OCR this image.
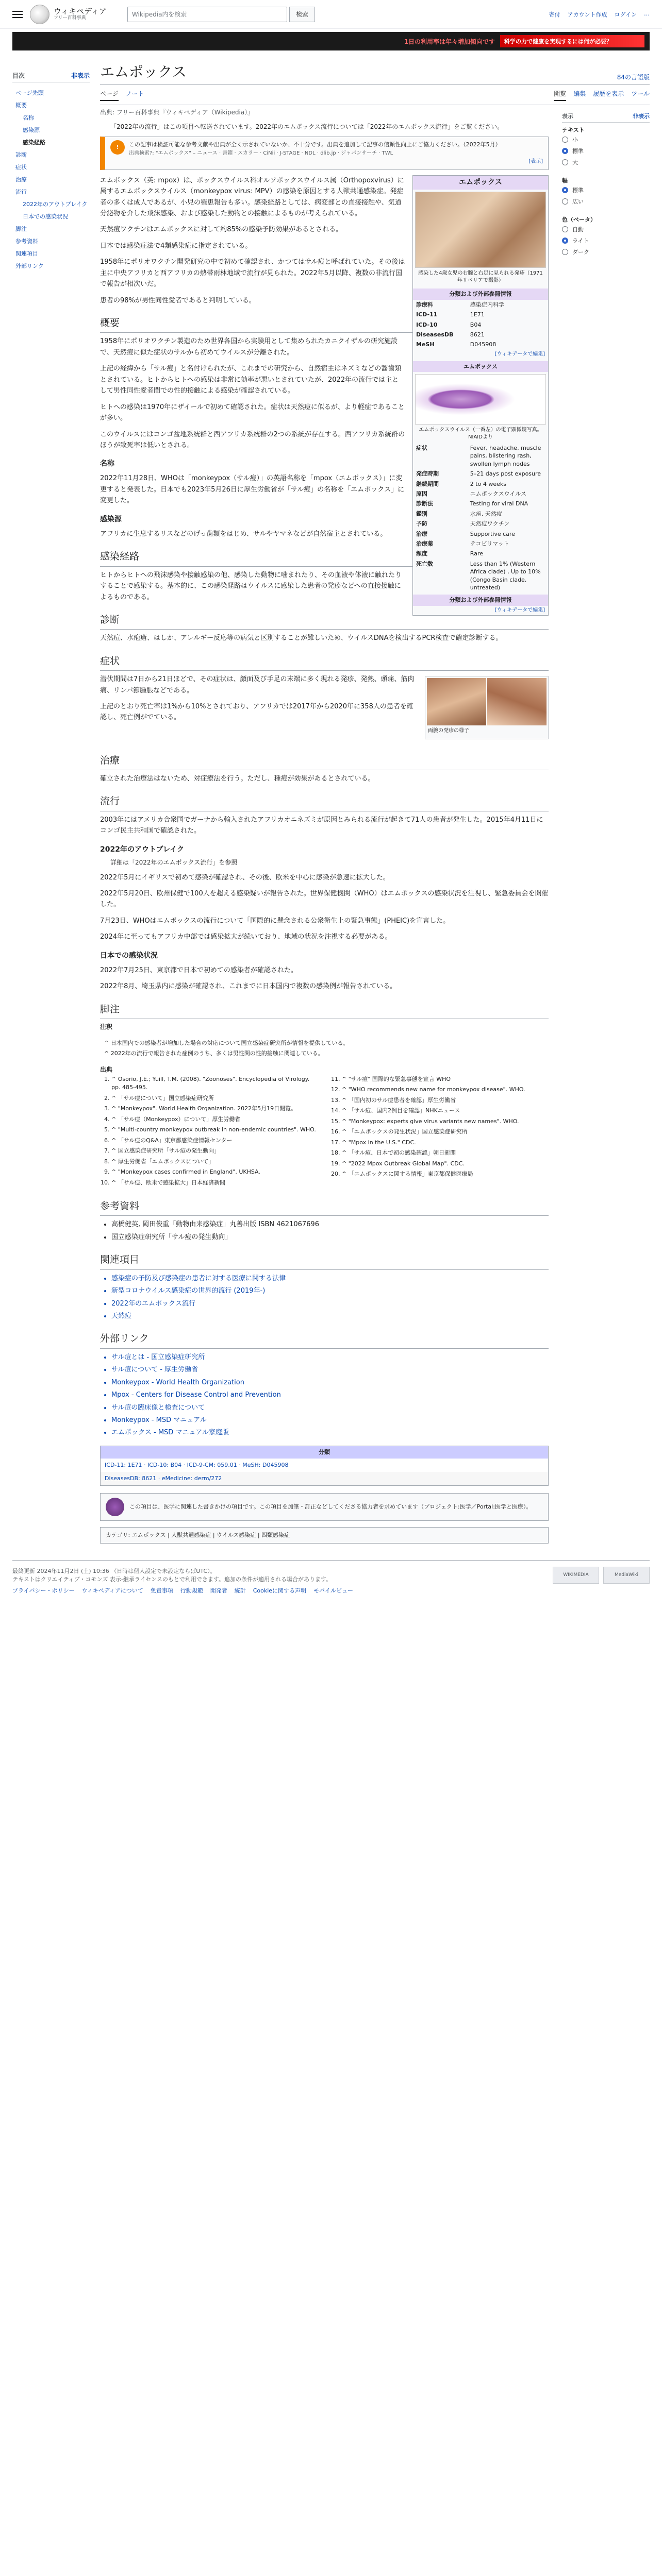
ウィキペディア
フリー百科事典	Wikipedia内を検索	検索	寄付 アカウント作成 ログイン …
1日の利用率は年々増加傾向です	科学の力で健康を実現するには何が必要？
目次	非表示
ページ先頭
概要
名称
感染源
感染経路
診断
症状
治療
流行
2022年のアウトブレイク
日本での感染状況
脚注
参考資料
関連項目
外部リンク
エムポックス	84の言語版
ページ ノート	閲覧 編集 履歴を表示 ツール
出典: フリー百科事典『ウィキペディア（Wikipedia）』
「2022年の流行」はこの項目へ転送されています。2022年のエムポックス流行については「2022年のエムポックス流行」をご覧ください。
!	この記事は検証可能な参考文献や出典が全く示されていないか、不十分です。出典を追加して記事の信頼性向上にご協力ください。（2022年5月）
出典検索?: "エムポックス" – ニュース · 書籍 · スカラー · CiNii · J-STAGE · NDL · dlib.jp · ジャパンサーチ · TWL
[表示]
エムポックス
感染した4歳女児の右腕と右足に見られる発疹（1971年リベリアで撮影）
分類および外部参照情報
診療科	感染症内科学
ICD-11	1E71
ICD-10	B04
DiseasesDB	8621
MeSH	D045908
[ウィキデータで編集]
エムポックス
エムポックスウイルス（一番左）の電子顕微鏡写真。NIAIDより
症状	Fever, headache, muscle pains, blistering rash, swollen lymph nodes
発症時期	5–21 days post exposure
継続期間	2 to 4 weeks
原因	エムポックスウイルス
診断法	Testing for viral DNA
鑑別	水疱, 天然痘
予防	天然痘ワクチン
治療	Supportive care
治療薬	テコビリマット
頻度	Rare
死亡数	Less than 1% (Western Africa clade) , Up to 10% (Congo Basin clade, untreated)
分類および外部参照情報
[ウィキデータで編集]

エムポックス（英: mpox）は、ポックスウイルス科オルソポックスウイルス属（Orthopoxvirus）に属するエムポックスウイルス（monkeypox virus: MPV）の感染を原因とする人獣共通感染症。発症者の多くは成人であるが、小児の罹患報告も多い。感染経路としては、病変部との直接接触や、気道分泌物を介した飛沫感染、および感染した動物との接触によるものが考えられている。

天然痘ワクチンはエムポックスに対して約85%の感染予防効果があるとされる。

日本では感染症法で4類感染症に指定されている。

1958年にポリオワクチン開発研究の中で初めて確認され、かつてはサル痘と呼ばれていた。その後は主に中央アフリカと西アフリカの熱帯雨林地域で流行が見られた。2022年5月以降、複数の非流行国で報告が相次いだ。

患者の98%が男性同性愛者であると判明している。

概要

1958年にポリオワクチン製造のため世界各国から実験用として集められたカニクイザルの研究施設で、天然痘に似た症状のサルから初めてウイルスが分離された。

上記の経緯から「サル痘」と名付けられたが、これまでの研究から、自然宿主はネズミなどの齧歯類とされている。ヒトからヒトへの感染は非常に効率が悪いとされていたが、2022年の流行では主として男性同性愛者間での性的接触による感染が確認されている。

ヒトへの感染は1970年にザイールで初めて確認された。症状は天然痘に似るが、より軽症であることが多い。

このウイルスにはコンゴ盆地系統群と西アフリカ系統群の2つの系統が存在する。西アフリカ系統群のほうが致死率は低いとされる。

名称

2022年11月28日、WHOは「monkeypox（サル痘）」の英語名称を「mpox（エムポックス）」に変更すると発表した。日本でも2023年5月26日に厚生労働省が「サル痘」の名称を「エムポックス」に変更した。

感染源

アフリカに生息するリスなどのげっ歯類をはじめ、サルやヤマネなどが自然宿主とされている。

感染経路

ヒトからヒトへの飛沫感染や接触感染の他、感染した動物に噛まれたり、その血液や体液に触れたりすることで感染する。基本的に、この感染経路はウイルスに感染した患者の発疹などへの直接接触によるものである。

診断

天然痘、水疱瘡、はしか、アレルギー反応等の病気と区別することが難しいため、ウイルスDNAを検出するPCR検査で確定診断する。

症状
両腕の発疹の様子

潜伏期間は7日から21日ほどで、その症状は、顔面及び手足の末端に多く現れる発疹、発熱、頭痛、筋肉痛、リンパ節腫脹などである。

上記のとおり死亡率は1%から10%とされており、アフリカでは2017年から2020年に358人の患者を確認し、死亡例がでている。

治療

確立された治療法はないため、対症療法を行う。ただし、種痘が効果があるとされている。

流行

2003年にはアメリカ合衆国でガーナから輸入されたアフリカオニネズミが原因とみられる流行が起きて71人の患者が発生した。2015年4月11日にコンゴ民主共和国で確認された。

2022年のアウトブレイク
詳細は「2022年のエムポックス流行」を参照

2022年5月にイギリスで初めて感染が確認され、その後、欧米を中心に感染が急速に拡大した。

2022年5月20日、欧州保健で100人を超える感染疑いが報告された。世界保健機関（WHO）はエムポックスの感染状況を注視し、緊急委員会を開催した。

7月23日、WHOはエムポックスの流行について「国際的に懸念される公衆衛生上の緊急事態」(PHEIC)を宣言した。

2024年に至ってもアフリカ中部では感染拡大が続いており、地域の状況を注視する必要がある。

日本での感染状況

2022年7月25日、東京都で日本で初めての感染者が確認された。

2022年8月、埼玉県内に感染が確認され、これまでに日本国内で複数の感染例が報告されている。

脚注
注釈
^ 日本国内での感染者が増加した場合の対応について国立感染症研究所が情報を提供している。
^ 2022年の流行で報告された症例のうち、多くは男性間の性的接触に関連している。
出典
1. ^ Osorio, J.E.; Yuill, T.M. (2008). "Zoonoses". Encyclopedia of Virology. pp. 485-495.
2. ^ 「サル痘について」国立感染症研究所
3. ^ "Monkeypox". World Health Organization. 2022年5月19日閲覧。
4. ^ 「サル痘（Monkeypox）について」厚生労働省
5. ^ "Multi-country monkeypox outbreak in non-endemic countries". WHO.
6. ^ 「サル痘のQ&A」東京都感染症情報センター
7. ^ 国立感染症研究所「サル痘の発生動向」
8. ^ 厚生労働省「エムポックスについて」
9. ^ "Monkeypox cases confirmed in England". UKHSA.
10. ^ 「サル痘、欧米で感染拡大」日本経済新聞
11. ^ "サル痘" 国際的な緊急事態を宣言 WHO
12. ^ "WHO recommends new name for monkeypox disease". WHO.
13. ^ 「国内初のサル痘患者を確認」厚生労働省
14. ^ 「サル痘、国内2例目を確認」NHKニュース
15. ^ "Monkeypox: experts give virus variants new names". WHO.
16. ^ 「エムポックスの発生状況」国立感染症研究所
17. ^ "Mpox in the U.S." CDC.
18. ^ 「サル痘、日本で初の感染確認」朝日新聞
19. ^ "2022 Mpox Outbreak Global Map". CDC.
20. ^ 「エムポックスに関する情報」東京都保健医療局
参考資料
• 高橋健英, 岡田俊重「動物由来感染症」丸善出版 ISBN 4621067696
• 国立感染症研究所「サル痘の発生動向」
関連項目
• 感染症の予防及び感染症の患者に対する医療に関する法律
• 新型コロナウイルス感染症の世界的流行 (2019年-)
• 2022年のエムポックス流行
• 天然痘
外部リンク
• サル痘とは - 国立感染症研究所
• サル痘について - 厚生労働省
• Monkeypox - World Health Organization
• Mpox - Centers for Disease Control and Prevention
• サル痘の臨床像と検査について
• Monkeypox - MSD マニュアル
• エムポックス - MSD マニュアル家庭版
分類
ICD-11: 1E71 · ICD-10: B04 · ICD-9-CM: 059.01 · MeSH: D045908
DiseasesDB: 8621 · eMedicine: derm/272
この項目は、医学に関連した書きかけの項目です。この項目を加筆・訂正などしてくださる協力者を求めています（プロジェクト:医学／Portal:医学と医療）。
カテゴリ: エムポックス | 人獣共通感染症 | ウイルス感染症 | 四類感染症
表示	非表示
テキスト
小
標準
大
幅
標準
広い
色（ベータ）
自動
ライト
ダーク
WIKIMEDIA	MediaWiki
最終更新 2024年11月2日 (土) 10:36 （日時は個人設定で未設定ならばUTC）。
テキストはクリエイティブ・コモンズ 表示-継承ライセンスのもとで利用できます。追加の条件が適用される場合があります。
プライバシー・ポリシー ウィキペディアについて 免責事項 行動規範 開発者 統計 Cookieに関する声明 モバイルビュー
